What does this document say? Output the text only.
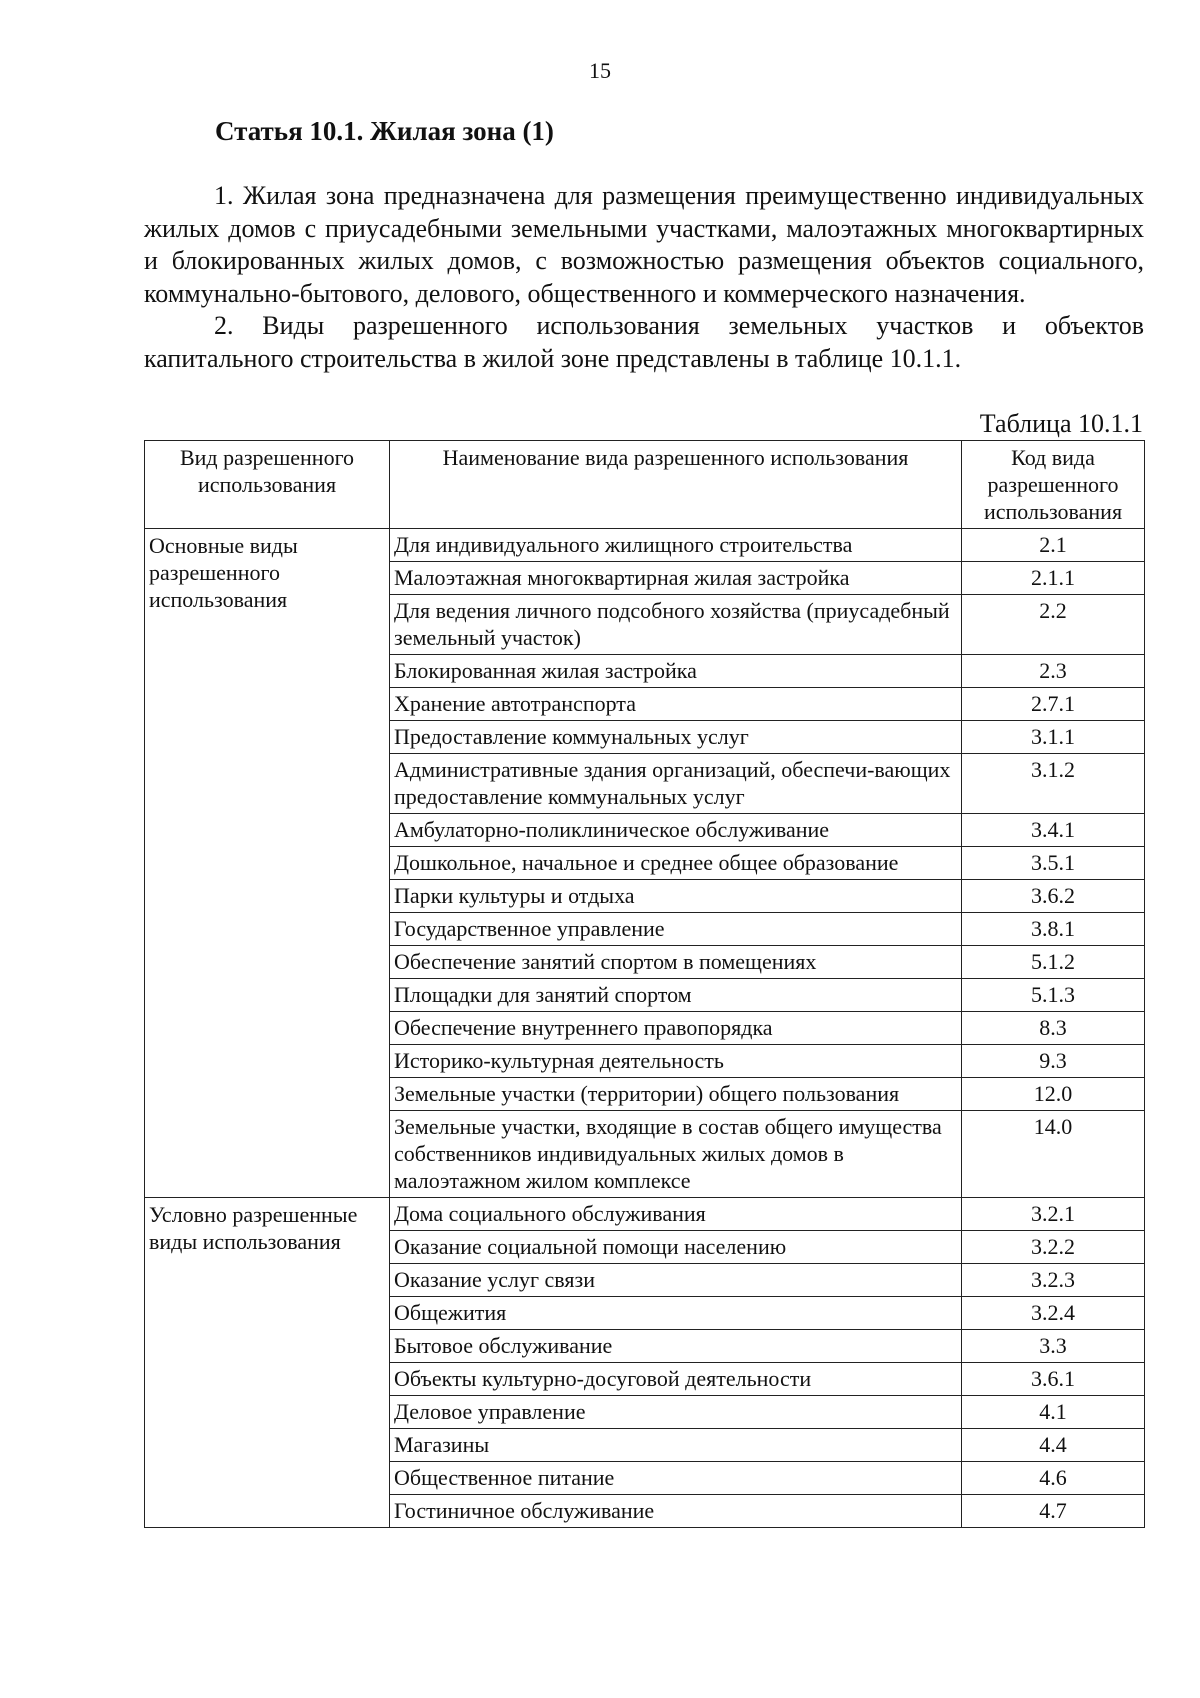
15
Статья 10.1. Жилая зона (1)

1. Жилая зона предназначена для размещения преимущественно индивидуальных жилых домов с приусадебными земельными участками, малоэтажных многоквартирных и блокированных жилых домов, с возможностью размещения объектов социального, коммунально-бытового, делового, общественного и коммерческого назначения.

2. Виды разрешенного использования земельных участков и объектов капитального строительства в жилой зоне представлены в таблице 10.1.1.

Таблица 10.1.1
Вид разрешенного использования	Наименование вида разрешенного использования	Код вида разрешенного использования
Основные виды разрешенного использования	Для индивидуального жилищного строительства	2.1
	Малоэтажная многоквартирная жилая застройка	2.1.1
	Для ведения личного подсобного хозяйства (приусадебный земельный участок)	2.2
	Блокированная жилая застройка	2.3
	Хранение автотранспорта	2.7.1
	Предоставление коммунальных услуг	3.1.1
	Административные здания организаций, обеспечи-вающих предоставление коммунальных услуг	3.1.2
	Амбулаторно-поликлиническое обслуживание	3.4.1
	Дошкольное, начальное и среднее общее образование	3.5.1
	Парки культуры и отдыха	3.6.2
	Государственное управление	3.8.1
	Обеспечение занятий спортом в помещениях	5.1.2
	Площадки для занятий спортом	5.1.3
	Обеспечение внутреннего правопорядка	8.3
	Историко-культурная деятельность	9.3
	Земельные участки (территории) общего пользования	12.0
	Земельные участки, входящие в состав общего имущества собственников индивидуальных жилых домов в малоэтажном жилом комплексе	14.0
Условно разрешенные виды использования	Дома социального обслуживания	3.2.1
	Оказание социальной помощи населению	3.2.2
	Оказание услуг связи	3.2.3
	Общежития	3.2.4
	Бытовое обслуживание	3.3
	Объекты культурно-досуговой деятельности	3.6.1
	Деловое управление	4.1
	Магазины	4.4
	Общественное питание	4.6
	Гостиничное обслуживание	4.7
